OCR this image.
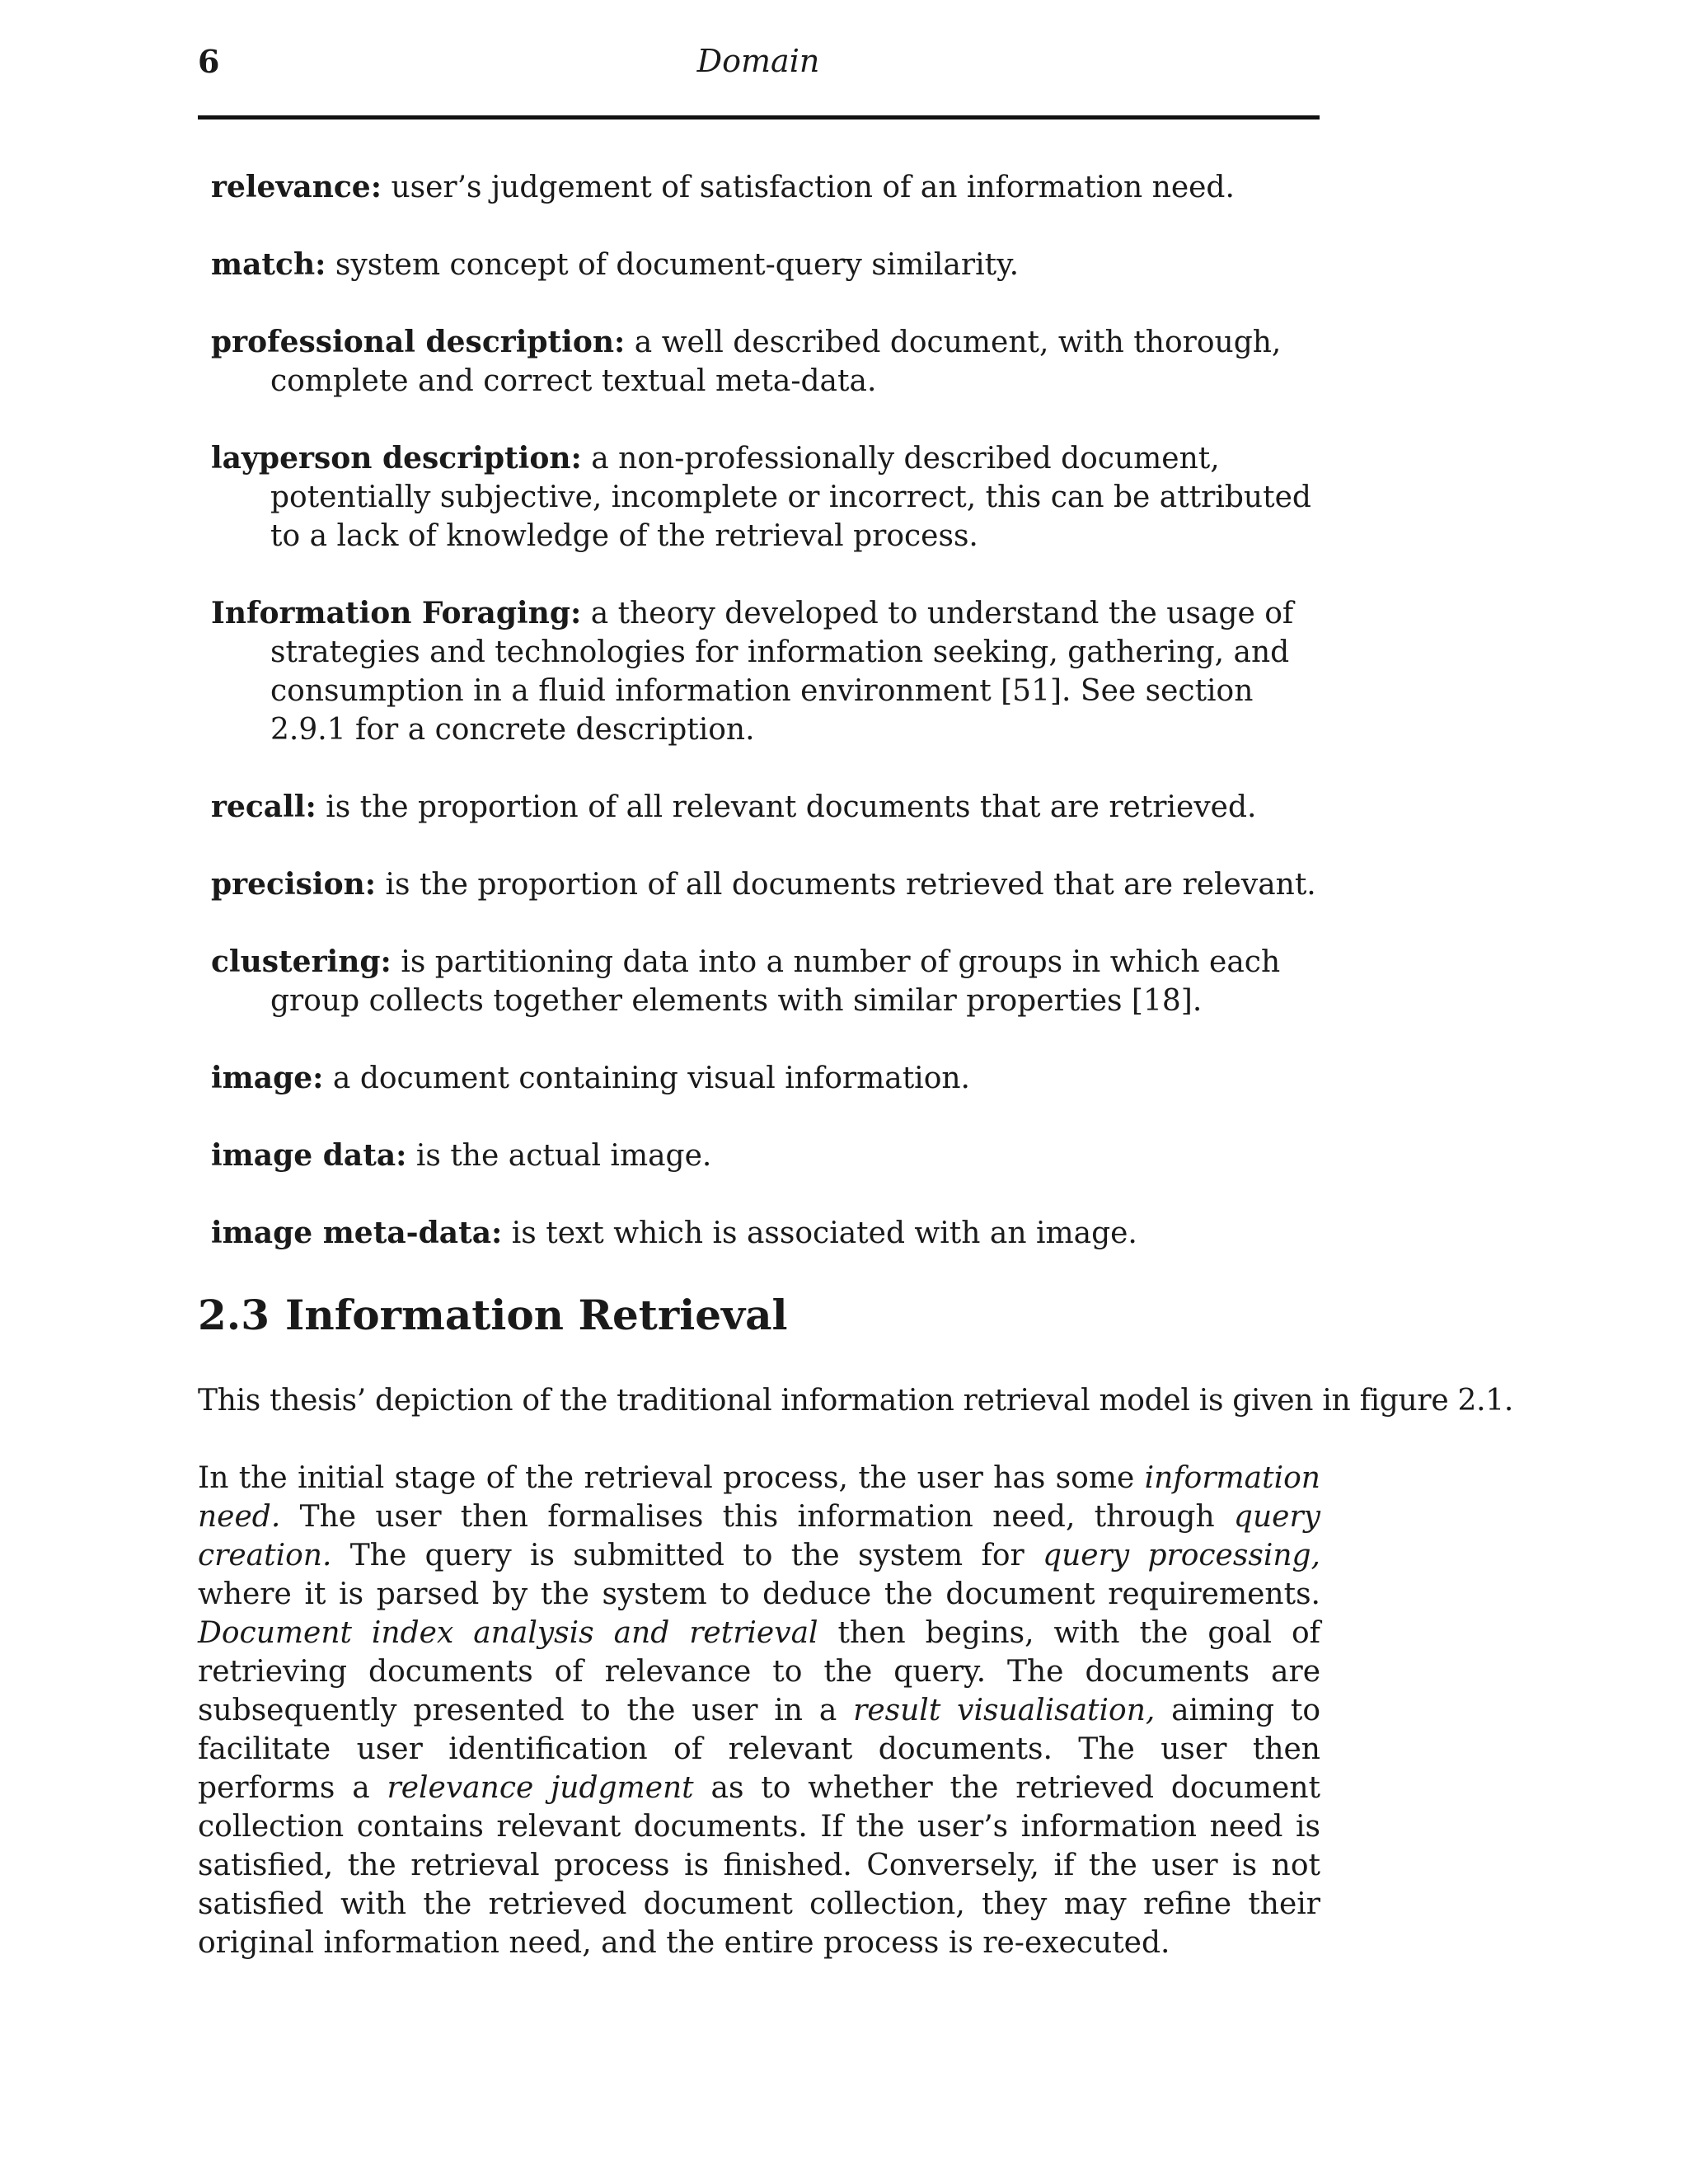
6	Domain

relevance: user’s judgement of satisfaction of an information need.

match: system concept of document-query similarity.

professional description: a well described document, with thorough, complete and correct textual meta-data.

layperson description: a non-professionally described document, potentially subjective, incomplete or incorrect, this can be attributed to a lack of knowledge of the retrieval process.

Information Foraging: a theory developed to understand the usage of strategies and technologies for information seeking, gathering, and consumption in a fluid information environment [51]. See section 2.9.1 for a concrete description.

recall: is the proportion of all relevant documents that are retrieved.

precision: is the proportion of all documents retrieved that are relevant.

clustering: is partitioning data into a number of groups in which each group collects together elements with similar properties [18].

image: a document containing visual information.

image data: is the actual image.

image meta-data: is text which is associated with an image.

2.3 Information Retrieval

This thesis’ depiction of the traditional information retrieval model is given in figure 2.1.

In the initial stage of the retrieval process, the user has some information need. The user then formalises this information need, through query creation. The query is submitted to the system for query processing, where it is parsed by the system to deduce the document requirements. Document index analysis and retrieval then begins, with the goal of retrieving documents of relevance to the query. The documents are subsequently presented to the user in a result visualisation, aiming to facilitate user identification of relevant documents. The user then performs a relevance judgment as to whether the retrieved document collection contains relevant documents. If the user’s information need is satisfied, the retrieval process is finished. Conversely, if the user is not satisfied with the retrieved document collection, they may refine their original information need, and the entire process is re-executed.
